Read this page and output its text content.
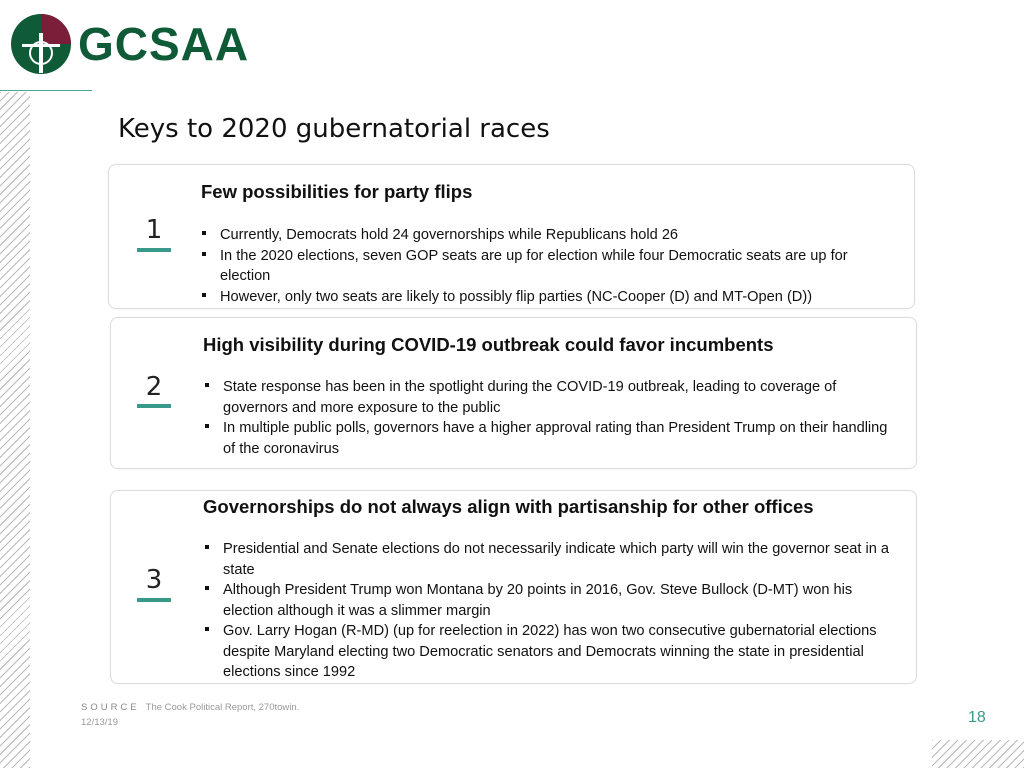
GCSAA
Keys to 2020 gubernatorial races
1
Few possibilities for party flips
Currently, Democrats hold 24 governorships while Republicans hold 26
In the 2020 elections, seven GOP seats are up for election while four Democratic seats are up for election
However, only two seats are likely to possibly flip parties (NC-Cooper (D) and MT-Open (D))
2
High visibility during COVID-19 outbreak could favor incumbents
State response has been in the spotlight during the COVID-19 outbreak, leading to coverage of governors and more exposure to the public
In multiple public polls, governors have a higher approval rating than President Trump on their handling of the coronavirus
3
Governorships do not always align with partisanship for other offices
Presidential and Senate elections do not necessarily indicate which party will win the governor seat in a state
Although President Trump won Montana by 20 points in 2016, Gov. Steve Bullock (D-MT) won his election although it was a slimmer margin
Gov. Larry Hogan (R-MD) (up for reelection in 2022) has won two consecutive gubernatorial elections despite Maryland electing two Democratic senators and Democrats winning the state in presidential elections since 1992
SOURCE The Cook Political Report, 270towin.
12/13/19	18
